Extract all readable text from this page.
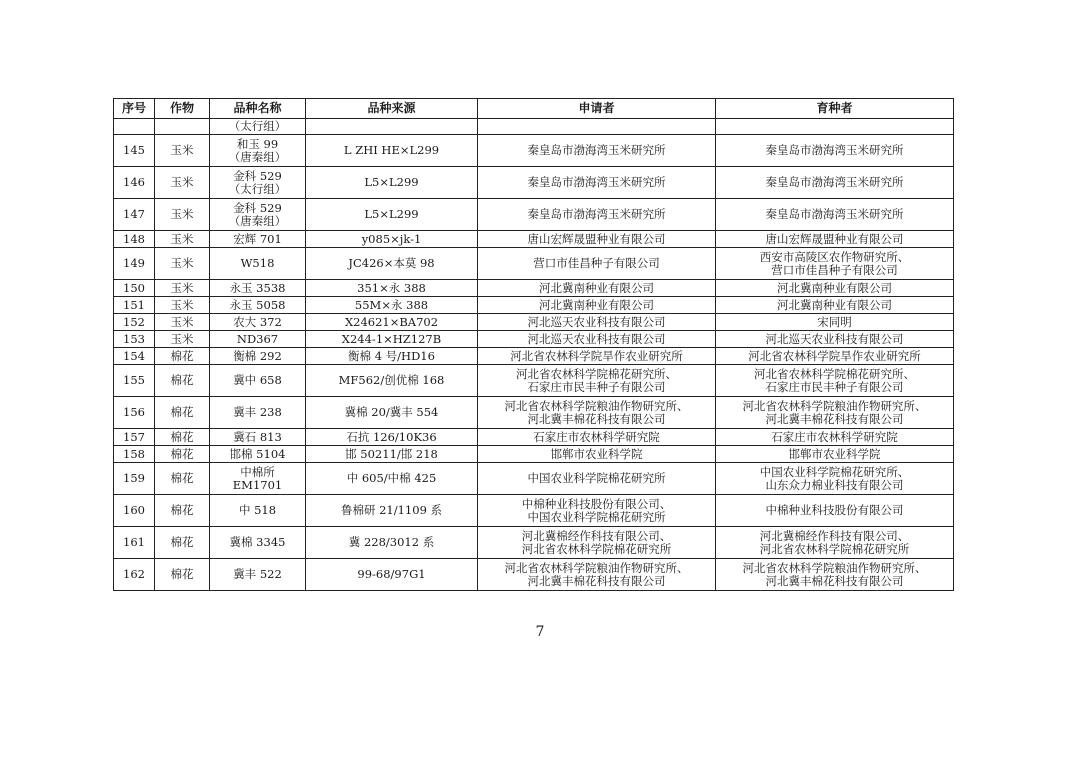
序号	作物	品种名称	品种来源	申请者	育种者
		（太行组）			
145	玉米	和玉 99
（唐秦组）	L ZHI HE×L299	秦皇岛市渤海湾玉米研究所	秦皇岛市渤海湾玉米研究所

146	玉米	金科 529
（太行组）	L5×L299	秦皇岛市渤海湾玉米研究所	秦皇岛市渤海湾玉米研究所

147	玉米	金科 529
（唐秦组）	L5×L299	秦皇岛市渤海湾玉米研究所	秦皇岛市渤海湾玉米研究所

148	玉米	宏辉 701	y085×jk-1	唐山宏辉晟盟种业有限公司	唐山宏辉晟盟种业有限公司

149	玉米	W518	JC426×本莫 98	营口市佳昌种子有限公司	西安市高陵区农作物研究所、
营口市佳昌种子有限公司

150	玉米	永玉 3538	351×永 388	河北冀南种业有限公司	河北冀南种业有限公司

151	玉米	永玉 5058	55M×永 388	河北冀南种业有限公司	河北冀南种业有限公司

152	玉米	农大 372	X24621×BA702	河北巡天农业科技有限公司	宋同明

153	玉米	ND367	X244-1×HZ127B	河北巡天农业科技有限公司	河北巡天农业科技有限公司

154	棉花	衡棉 292	衡棉 4 号/HD16	河北省农林科学院旱作农业研究所	河北省农林科学院旱作农业研究所

155	棉花	冀中 658	MF562/创优棉 168	河北省农林科学院棉花研究所、
石家庄市民丰种子有限公司	河北省农林科学院棉花研究所、
石家庄市民丰种子有限公司

156	棉花	冀丰 238	冀棉 20/冀丰 554	河北省农林科学院粮油作物研究所、
河北冀丰棉花科技有限公司	河北省农林科学院粮油作物研究所、
河北冀丰棉花科技有限公司

157	棉花	冀石 813	石抗 126/10K36	石家庄市农林科学研究院	石家庄市农林科学研究院

158	棉花	邯棉 5104	邯 50211/邯 218	邯郸市农业科学院	邯郸市农业科学院

159	棉花	中棉所
EM1701	中 605/中棉 425	中国农业科学院棉花研究所	中国农业科学院棉花研究所、
山东众力棉业科技有限公司

160	棉花	中 518	鲁棉研 21/1109 系	中棉种业科技股份有限公司、
中国农业科学院棉花研究所	中棉种业科技股份有限公司

161	棉花	冀棉 3345	冀 228/3012 系	河北冀棉经作科技有限公司、
河北省农林科学院棉花研究所	河北冀棉经作科技有限公司、
河北省农林科学院棉花研究所

162	棉花	冀丰 522	99-68/97G1	河北省农林科学院粮油作物研究所、
河北冀丰棉花科技有限公司	河北省农林科学院粮油作物研究所、
河北冀丰棉花科技有限公司
7
